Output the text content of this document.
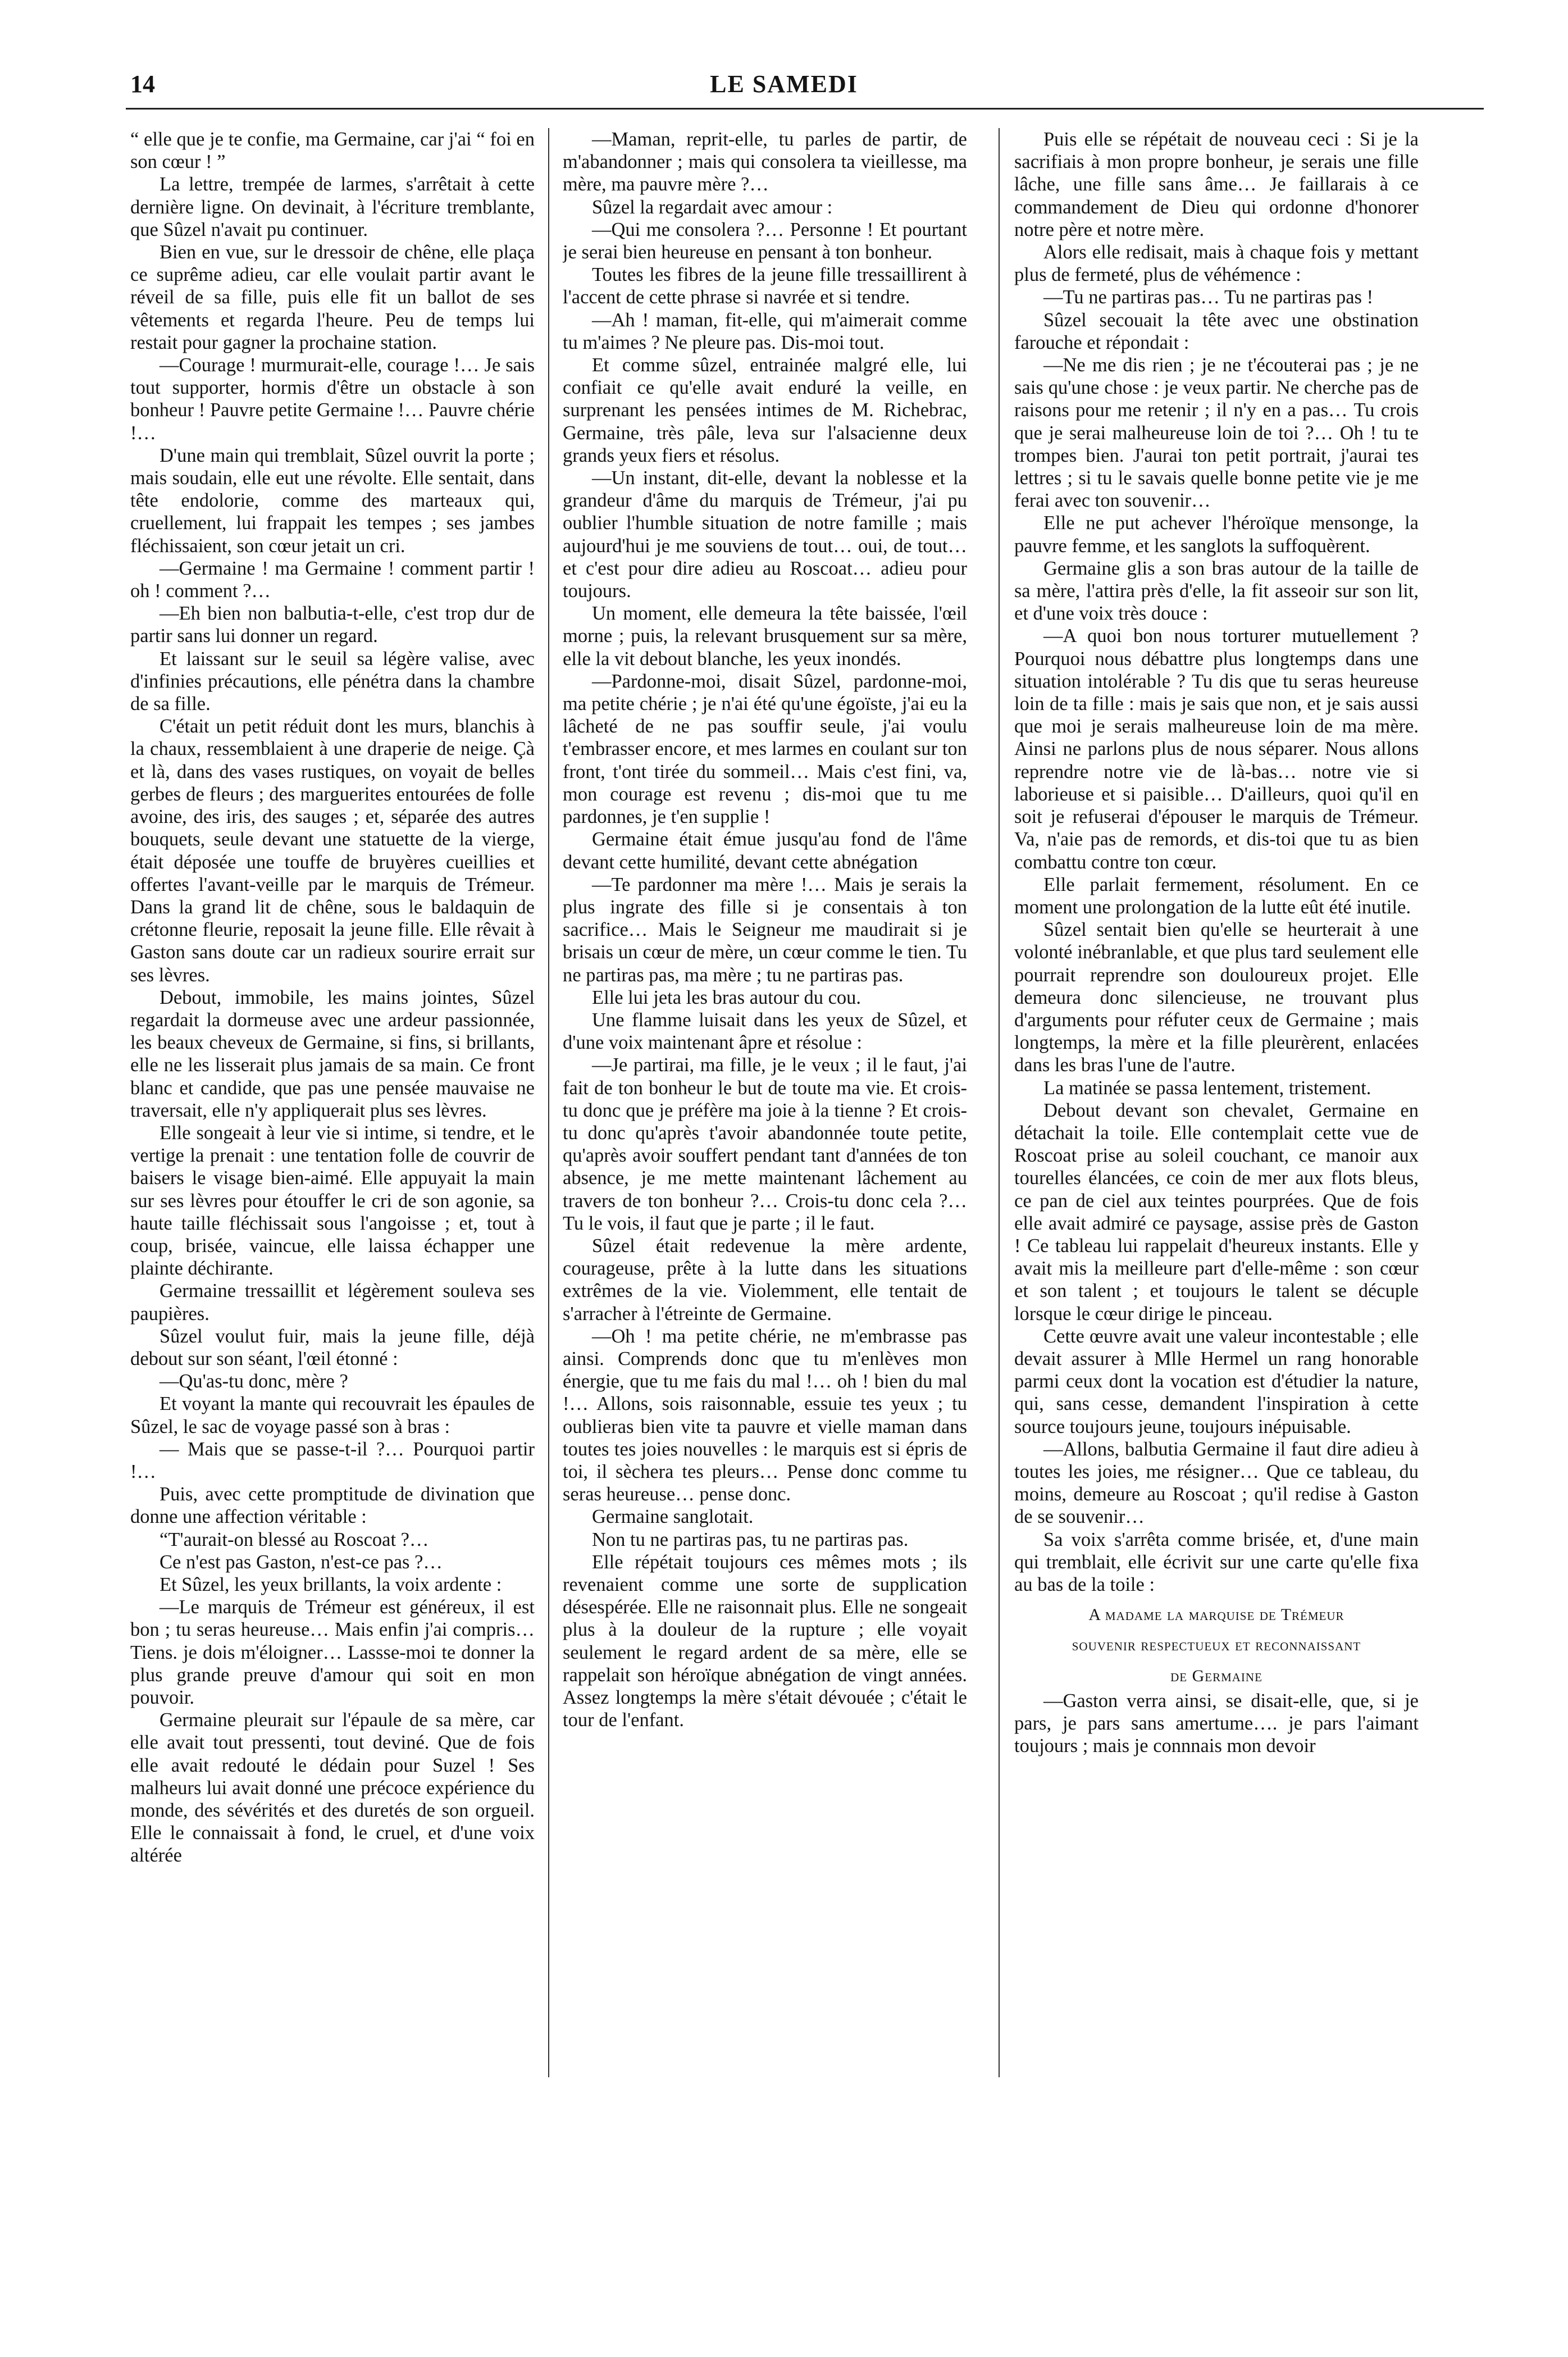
14	LE SAMEDI

“ elle que je te confie, ma Germaine, car j'ai “ foi en son cœur ! ”

La lettre, trempée de larmes, s'arrêtait à cette dernière ligne. On devinait, à l'écriture tremblante, que Sûzel n'avait pu continuer.

Bien en vue, sur le dressoir de chêne, elle plaça ce suprême adieu, car elle voulait partir avant le réveil de sa fille, puis elle fit un ballot de ses vêtements et regarda l'heure. Peu de temps lui restait pour gagner la prochaine station.

—Courage ! murmurait-elle, courage !… Je sais tout supporter, hormis d'être un obstacle à son bonheur ! Pauvre petite Germaine !… Pauvre chérie !…

D'une main qui tremblait, Sûzel ouvrit la porte ; mais soudain, elle eut une révolte. Elle sentait, dans tête endolorie, comme des marteaux qui, cruellement, lui frappait les tempes ; ses jambes fléchissaient, son cœur jetait un cri.

—Germaine ! ma Germaine ! comment partir ! oh ! comment ?…

—Eh bien non balbutia-t-elle, c'est trop dur de partir sans lui donner un regard.

Et laissant sur le seuil sa légère valise, avec d'infinies précautions, elle pénétra dans la chambre de sa fille.

C'était un petit réduit dont les murs, blanchis à la chaux, ressemblaient à une draperie de neige. Çà et là, dans des vases rustiques, on voyait de belles gerbes de fleurs ; des marguerites entourées de folle avoine, des iris, des sauges ; et, séparée des autres bouquets, seule devant une statuette de la vierge, était déposée une touffe de bruyères cueillies et offertes l'avant-veille par le marquis de Trémeur. Dans la grand lit de chêne, sous le baldaquin de crétonne fleurie, reposait la jeune fille. Elle rêvait à Gaston sans doute car un radieux sourire errait sur ses lèvres.

Debout, immobile, les mains jointes, Sûzel regardait la dormeuse avec une ardeur passionnée, les beaux cheveux de Germaine, si fins, si brillants, elle ne les lisserait plus jamais de sa main. Ce front blanc et candide, que pas une pensée mauvaise ne traversait, elle n'y appliquerait plus ses lèvres.

Elle songeait à leur vie si intime, si tendre, et le vertige la prenait : une tentation folle de couvrir de baisers le visage bien-aimé. Elle appuyait la main sur ses lèvres pour étouffer le cri de son agonie, sa haute taille fléchissait sous l'angoisse ; et, tout à coup, brisée, vaincue, elle laissa échapper une plainte déchirante.

Germaine tressaillit et légèrement souleva ses paupières.

Sûzel voulut fuir, mais la jeune fille, déjà debout sur son séant, l'œil étonné :

—Qu'as-tu donc, mère ?

Et voyant la mante qui recouvrait les épaules de Sûzel, le sac de voyage passé son à bras :

— Mais que se passe-t-il ?… Pourquoi partir !…

Puis, avec cette promptitude de divination que donne une affection véritable :

“T'aurait-on blessé au Roscoat ?…

Ce n'est pas Gaston, n'est-ce pas ?…

Et Sûzel, les yeux brillants, la voix ardente :

—Le marquis de Trémeur est généreux, il est bon ; tu seras heureuse… Mais enfin j'ai compris… Tiens. je dois m'éloigner… Lassse-moi te donner la plus grande preuve d'amour qui soit en mon pouvoir.

Germaine pleurait sur l'épaule de sa mère, car elle avait tout pressenti, tout deviné. Que de fois elle avait redouté le dédain pour Suzel ! Ses malheurs lui avait donné une précoce expérience du monde, des sévérités et des duretés de son orgueil. Elle le connaissait à fond, le cruel, et d'une voix altérée

—Maman, reprit-elle, tu parles de partir, de m'abandonner ; mais qui consolera ta vieillesse, ma mère, ma pauvre mère ?…

Sûzel la regardait avec amour :

—Qui me consolera ?… Personne ! Et pourtant je serai bien heureuse en pensant à ton bonheur.

Toutes les fibres de la jeune fille tressaillirent à l'accent de cette phrase si navrée et si tendre.

—Ah ! maman, fit-elle, qui m'aimerait comme tu m'aimes ? Ne pleure pas. Dis-moi tout.

Et comme sûzel, entrainée malgré elle, lui confiait ce qu'elle avait enduré la veille, en surprenant les pensées intimes de M. Richebrac, Germaine, très pâle, leva sur l'alsacienne deux grands yeux fiers et résolus.

—Un instant, dit-elle, devant la noblesse et la grandeur d'âme du marquis de Trémeur, j'ai pu oublier l'humble situation de notre famille ; mais aujourd'hui je me souviens de tout… oui, de tout… et c'est pour dire adieu au Roscoat… adieu pour toujours.

Un moment, elle demeura la tête baissée, l'œil morne ; puis, la relevant brusquement sur sa mère, elle la vit debout blanche, les yeux inondés.

—Pardonne-moi, disait Sûzel, pardonne-moi, ma petite chérie ; je n'ai été qu'une égoïste, j'ai eu la lâcheté de ne pas souffir seule, j'ai voulu t'embrasser encore, et mes larmes en coulant sur ton front, t'ont tirée du sommeil… Mais c'est fini, va, mon courage est revenu ; dis-moi que tu me pardonnes, je t'en supplie !

Germaine était émue jusqu'au fond de l'âme devant cette humilité, devant cette abnégation

—Te pardonner ma mère !… Mais je serais la plus ingrate des fille si je consentais à ton sacrifice… Mais le Seigneur me maudirait si je brisais un cœur de mère, un cœur comme le tien. Tu ne partiras pas, ma mère ; tu ne partiras pas.

Elle lui jeta les bras autour du cou.

Une flamme luisait dans les yeux de Sûzel, et d'une voix maintenant âpre et résolue :

—Je partirai, ma fille, je le veux ; il le faut, j'ai fait de ton bonheur le but de toute ma vie. Et crois-tu donc que je préfère ma joie à la tienne ? Et crois-tu donc qu'après t'avoir abandonnée toute petite, qu'après avoir souffert pendant tant d'années de ton absence, je me mette maintenant lâchement au travers de ton bonheur ?… Crois-tu donc cela ?… Tu le vois, il faut que je parte ; il le faut.

Sûzel était redevenue la mère ardente, courageuse, prête à la lutte dans les situations extrêmes de la vie. Violemment, elle tentait de s'arracher à l'étreinte de Germaine.

—Oh ! ma petite chérie, ne m'embrasse pas ainsi. Comprends donc que tu m'enlèves mon énergie, que tu me fais du mal !… oh ! bien du mal !… Allons, sois raisonnable, essuie tes yeux ; tu oublieras bien vite ta pauvre et vielle maman dans toutes tes joies nouvelles : le marquis est si épris de toi, il sèchera tes pleurs… Pense donc comme tu seras heureuse… pense donc.

Germaine sanglotait.

Non tu ne partiras pas, tu ne partiras pas.

Elle répétait toujours ces mêmes mots ; ils revenaient comme une sorte de supplication désespérée. Elle ne raisonnait plus. Elle ne songeait plus à la douleur de la rupture ; elle voyait seulement le regard ardent de sa mère, elle se rappelait son héroïque abnégation de vingt années. Assez longtemps la mère s'était dévouée ; c'était le tour de l'enfant.

Puis elle se répétait de nouveau ceci : Si je la sacrifiais à mon propre bonheur, je serais une fille lâche, une fille sans âme… Je faillarais à ce commandement de Dieu qui ordonne d'honorer notre père et notre mère.

Alors elle redisait, mais à chaque fois y mettant plus de fermeté, plus de véhémence :

—Tu ne partiras pas… Tu ne partiras pas !

Sûzel secouait la tête avec une obstination farouche et répondait :

—Ne me dis rien ; je ne t'écouterai pas ; je ne sais qu'une chose : je veux partir. Ne cherche pas de raisons pour me retenir ; il n'y en a pas… Tu crois que je serai malheureuse loin de toi ?… Oh ! tu te trompes bien. J'aurai ton petit portrait, j'aurai tes lettres ; si tu le savais quelle bonne petite vie je me ferai avec ton souvenir…

Elle ne put achever l'héroïque mensonge, la pauvre femme, et les sanglots la suffoquèrent.

Germaine glis a son bras autour de la taille de sa mère, l'attira près d'elle, la fit asseoir sur son lit, et d'une voix très douce :

—A quoi bon nous torturer mutuellement ? Pourquoi nous débattre plus longtemps dans une situation intolérable ? Tu dis que tu seras heureuse loin de ta fille : mais je sais que non, et je sais aussi que moi je serais malheureuse loin de ma mère. Ainsi ne parlons plus de nous séparer. Nous allons reprendre notre vie de là-bas… notre vie si laborieuse et si paisible… D'ailleurs, quoi qu'il en soit je refuserai d'épouser le marquis de Trémeur. Va, n'aie pas de remords, et dis-toi que tu as bien combattu contre ton cœur.

Elle parlait fermement, résolument. En ce moment une prolongation de la lutte eût été inutile.

Sûzel sentait bien qu'elle se heurterait à une volonté inébranlable, et que plus tard seulement elle pourrait reprendre son douloureux projet. Elle demeura donc silencieuse, ne trouvant plus d'arguments pour réfuter ceux de Germaine ; mais longtemps, la mère et la fille pleurèrent, enlacées dans les bras l'une de l'autre.

La matinée se passa lentement, tristement.

Debout devant son chevalet, Germaine en détachait la toile. Elle contemplait cette vue de Roscoat prise au soleil couchant, ce manoir aux tourelles élancées, ce coin de mer aux flots bleus, ce pan de ciel aux teintes pourprées. Que de fois elle avait admiré ce paysage, assise près de Gaston ! Ce tableau lui rappelait d'heureux instants. Elle y avait mis la meilleure part d'elle-même : son cœur et son talent ; et toujours le talent se décuple lorsque le cœur dirige le pinceau.

Cette œuvre avait une valeur incontestable ; elle devait assurer à Mlle Hermel un rang honorable parmi ceux dont la vocation est d'étudier la nature, qui, sans cesse, demandent l'inspiration à cette source toujours jeune, toujours inépuisable.

—Allons, balbutia Germaine il faut dire adieu à toutes les joies, me résigner… Que ce tableau, du moins, demeure au Roscoat ; qu'il redise à Gaston de se souvenir…

Sa voix s'arrêta comme brisée, et, d'une main qui tremblait, elle écrivit sur une carte qu'elle fixa au bas de la toile :

A madame la marquise de Trémeur

souvenir respectueux et reconnaissant

de Germaine

—Gaston verra ainsi, se disait-elle, que, si je pars, je pars sans amertume…. je pars l'aimant toujours ; mais je connnais mon devoir
